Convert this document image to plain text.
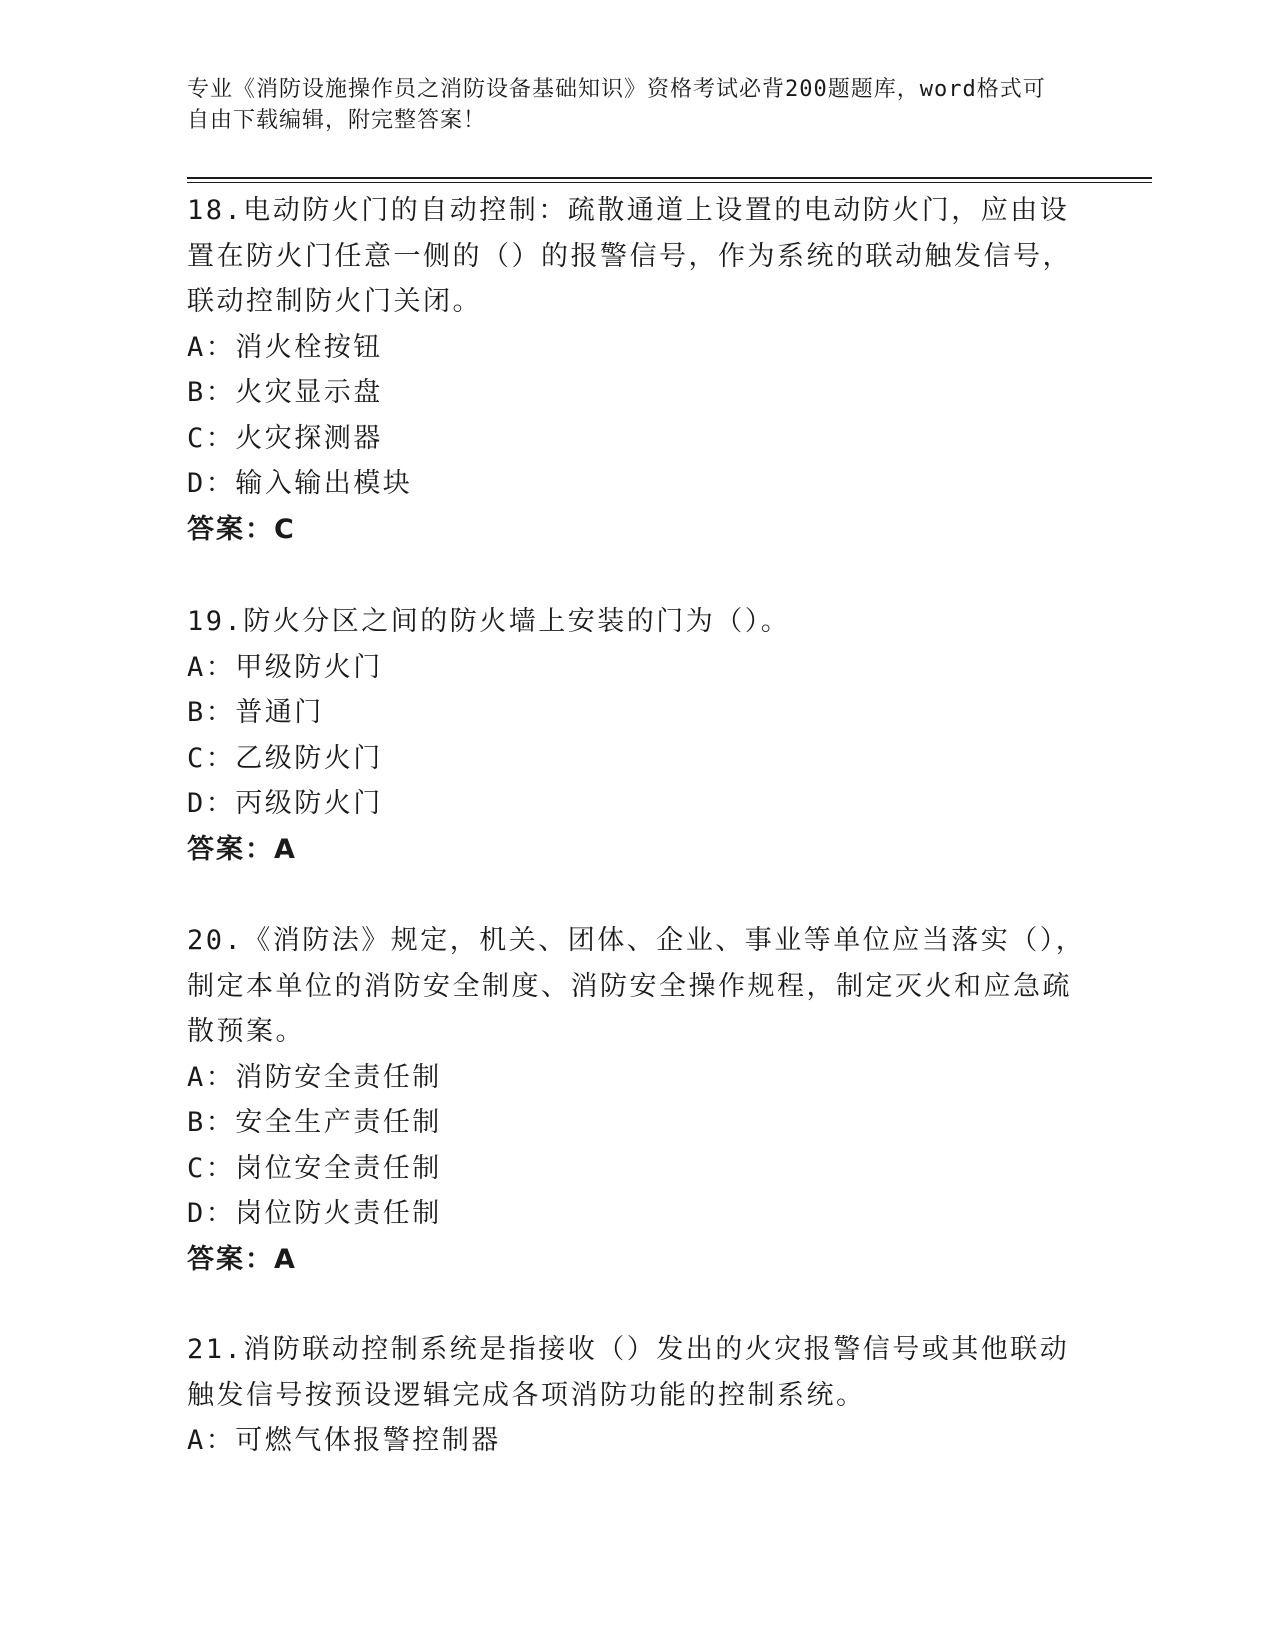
专业《消防设施操作员之消防设备基础知识》资格考试必背200题题库，word格式可自由下载编辑，附完整答案！

18.电动防火门的自动控制：疏散通道上设置的电动防火门，应由设置在防火门任意一侧的（）的报警信号，作为系统的联动触发信号，联动控制防火门关闭。

A：消火栓按钮

B：火灾显示盘

C：火灾探测器

D：输入输出模块

答案：C

19.防火分区之间的防火墙上安装的门为（）。

A：甲级防火门

B：普通门

C：乙级防火门

D：丙级防火门

答案：A

20.《消防法》规定，机关、团体、企业、事业等单位应当落实（），制定本单位的消防安全制度、消防安全操作规程，制定灭火和应急疏散预案。

A：消防安全责任制

B：安全生产责任制

C：岗位安全责任制

D：岗位防火责任制

答案：A

21.消防联动控制系统是指接收（）发出的火灾报警信号或其他联动触发信号按预设逻辑完成各项消防功能的控制系统。

A：可燃气体报警控制器
